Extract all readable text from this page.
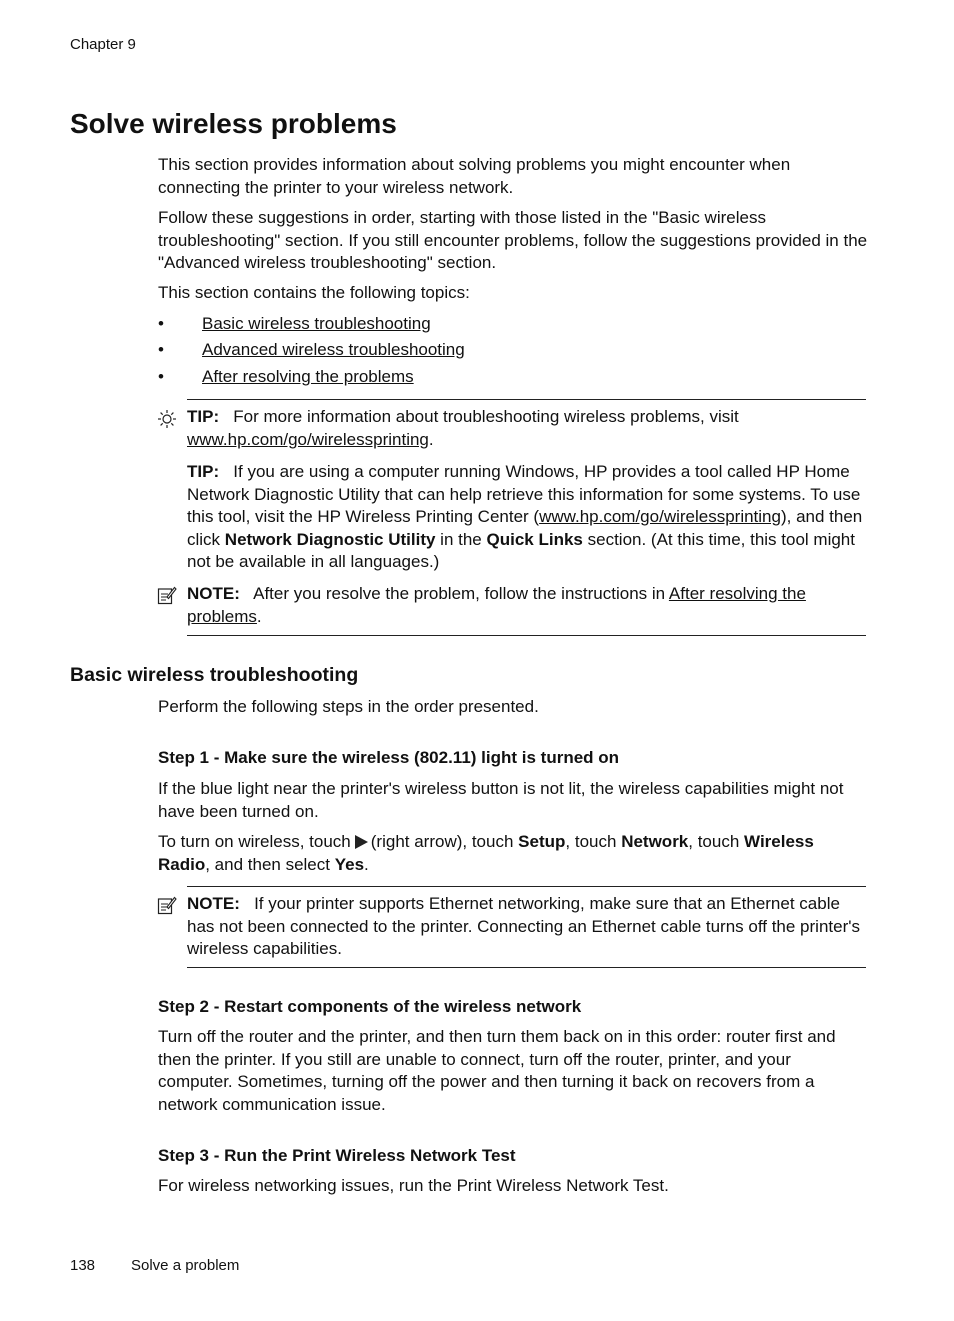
Chapter 9
Solve wireless problems

This section provides information about solving problems you might encounter when connecting the printer to your wireless network.

Follow these suggestions in order, starting with those listed in the "Basic wireless troubleshooting" section. If you still encounter problems, follow the suggestions provided in the "Advanced wireless troubleshooting" section.

This section contains the following topics:

• Basic wireless troubleshooting
• Advanced wireless troubleshooting
• After resolving the problems

TIP: For more information about troubleshooting wireless problems, visit www.hp.com/go/wirelessprinting.

TIP: If you are using a computer running Windows, HP provides a tool called HP Home Network Diagnostic Utility that can help retrieve this information for some systems. To use this tool, visit the HP Wireless Printing Center (www.hp.com/go/wirelessprinting), and then click Network Diagnostic Utility in the Quick Links section. (At this time, this tool might not be available in all languages.)

NOTE: After you resolve the problem, follow the instructions in After resolving the problems.

Basic wireless troubleshooting

Perform the following steps in the order presented.

Step 1 - Make sure the wireless (802.11) light is turned on

If the blue light near the printer's wireless button is not lit, the wireless capabilities might not have been turned on.

To turn on wireless, touch (right arrow), touch Setup, touch Network, touch Wireless Radio, and then select Yes.

NOTE: If your printer supports Ethernet networking, make sure that an Ethernet cable has not been connected to the printer. Connecting an Ethernet cable turns off the printer's wireless capabilities.

Step 2 - Restart components of the wireless network

Turn off the router and the printer, and then turn them back on in this order: router first and then the printer. If you still are unable to connect, turn off the router, printer, and your computer. Sometimes, turning off the power and then turning it back on recovers from a network communication issue.

Step 3 - Run the Print Wireless Network Test

For wireless networking issues, run the Print Wireless Network Test.

138 Solve a problem
